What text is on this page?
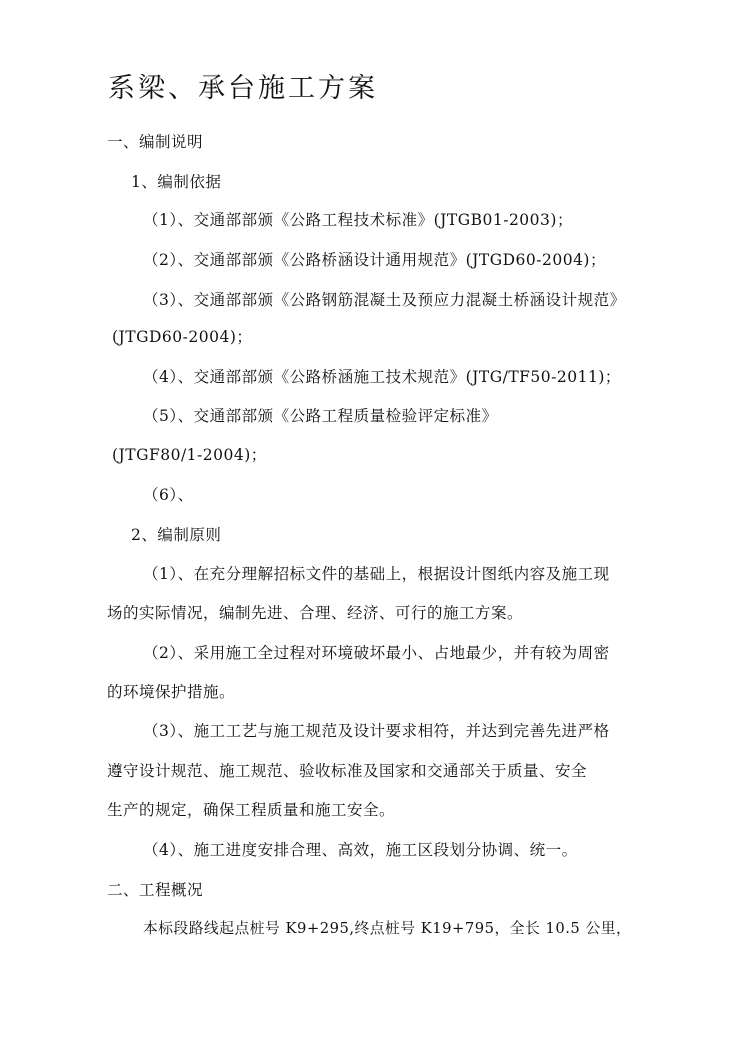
系梁、承台施工方案
一、编制说明
1、编制依据
（1）、交通部部颁《公路工程技术标准》(JTGB01-2003)；
（2）、交通部部颁《公路桥涵设计通用规范》(JTGD60-2004)；
（3）、交通部部颁《公路钢筋混凝土及预应力混凝土桥涵设计规范》
(JTGD60-2004)；
（4）、交通部部颁《公路桥涵施工技术规范》(JTG/TF50-2011)；
（5）、交通部部颁《公路工程质量检验评定标准》
(JTGF80/1-2004)；
（6）、
2、编制原则
（1）、在充分理解招标文件的基础上，根据设计图纸内容及施工现
场的实际情况，编制先进、合理、经济、可行的施工方案。
（2）、采用施工全过程对环境破坏最小、占地最少，并有较为周密
的环境保护措施。
（3）、施工工艺与施工规范及设计要求相符，并达到完善先进严格
遵守设计规范、施工规范、验收标准及国家和交通部关于质量、安全
生产的规定，确保工程质量和施工安全。
（4）、施工进度安排合理、高效，施工区段划分协调、统一。
二、工程概况
本标段路线起点桩号 K9+295,终点桩号 K19+795，全长 10.5 公里，
